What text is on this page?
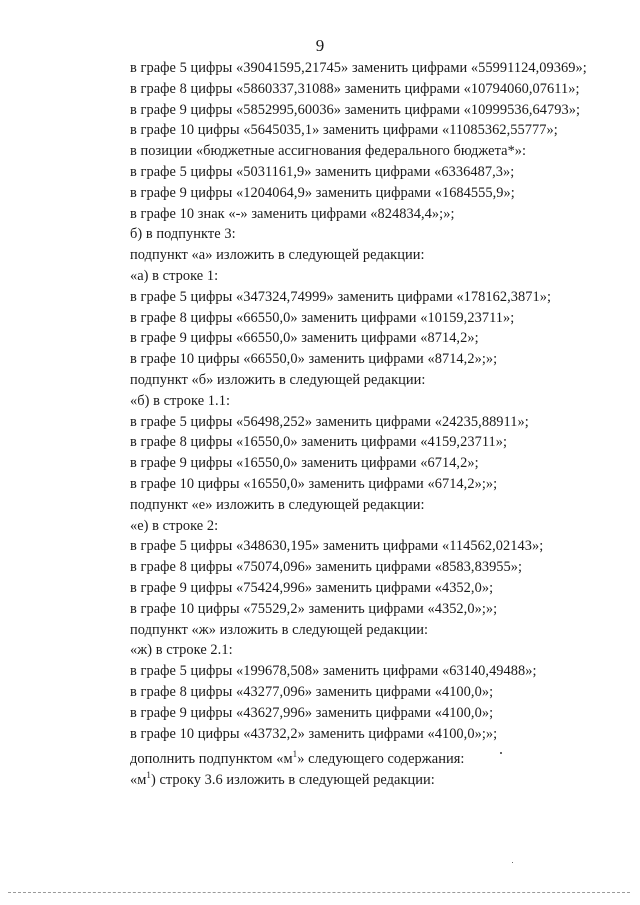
9
в графе 5 цифры «39041595,21745» заменить цифрами «55991124,09369»;
в графе 8 цифры «5860337,31088» заменить цифрами «10794060,07611»;
в графе 9 цифры «5852995,60036» заменить цифрами «10999536,64793»;
в графе 10 цифры «5645035,1» заменить цифрами «11085362,55777»;
в позиции «бюджетные ассигнования федерального бюджета*»:
в графе 5 цифры «5031161,9» заменить цифрами «6336487,3»;
в графе 9 цифры «1204064,9» заменить цифрами «1684555,9»;
в графе 10 знак «-» заменить цифрами «824834,4»;»;
б) в подпункте 3:
подпункт «а» изложить в следующей редакции:
«а) в строке 1:
в графе 5 цифры «347324,74999» заменить цифрами «178162,3871»;
в графе 8 цифры «66550,0» заменить цифрами «10159,23711»;
в графе 9 цифры «66550,0» заменить цифрами «8714,2»;
в графе 10 цифры «66550,0» заменить цифрами «8714,2»;»;
подпункт «б» изложить в следующей редакции:
«б) в строке 1.1:
в графе 5 цифры «56498,252» заменить цифрами «24235,88911»;
в графе 8 цифры «16550,0» заменить цифрами «4159,23711»;
в графе 9 цифры «16550,0» заменить цифрами «6714,2»;
в графе 10 цифры «16550,0» заменить цифрами «6714,2»;»;
подпункт «е» изложить в следующей редакции:
«е) в строке 2:
в графе 5 цифры «348630,195» заменить цифрами «114562,02143»;
в графе 8 цифры «75074,096» заменить цифрами «8583,83955»;
в графе 9 цифры «75424,996» заменить цифрами «4352,0»;
в графе 10 цифры «75529,2» заменить цифрами «4352,0»;»;
подпункт «ж» изложить в следующей редакции:
«ж) в строке 2.1:
в графе 5 цифры «199678,508» заменить цифрами «63140,49488»;
в графе 8 цифры «43277,096» заменить цифрами «4100,0»;
в графе 9 цифры «43627,996» заменить цифрами «4100,0»;
в графе 10 цифры «43732,2» заменить цифрами «4100,0»;»;
дополнить подпунктом «$м^1$» следующего содержания:
«$м^1$) строку 3.6 изложить в следующей редакции:
